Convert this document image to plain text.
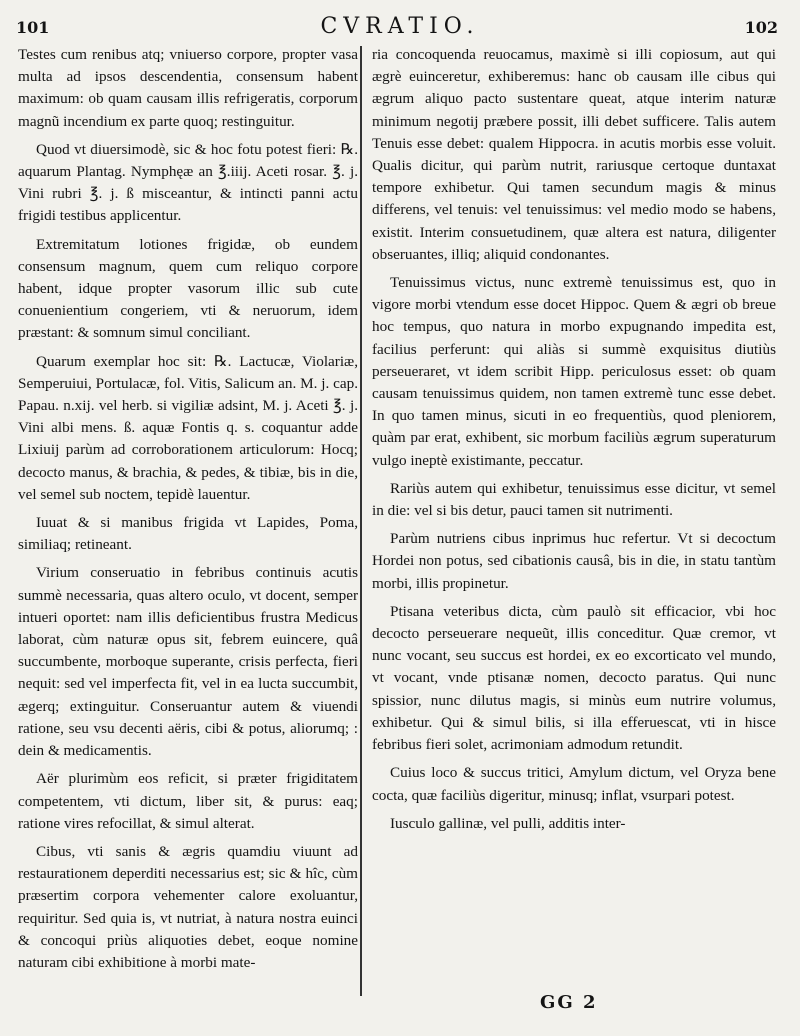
101	CVRATIO.	102

Testes cum renibus atq; vniuerso corpore, propter vasa multa ad ipsos descendentia, consensum habent maximum: ob quam causam illis refrigeratis, corporum magnũ incendium ex parte quoq; restinguitur.

Quod vt diuersimodè, sic & hoc fotu potest fieri: ℞. aquarum Plantag. Nymphęæ an ℥.iiij. Aceti rosar. ℥. j. Vini rubri ℥. j. ß misceantur, & intincti panni actu frigidi testibus applicentur.

Extremitatum lotiones frigidæ, ob eundem consensum magnum, quem cum reliquo corpore habent, idque propter vasorum illic sub cute conuenientium congeriem, vti & neruorum, idem præstant: & somnum simul conciliant.

Quarum exemplar hoc sit: ℞. Lactucæ, Violariæ, Semperuiui, Portulacæ, fol. Vitis, Salicum an. M. j. cap. Papau. n.xij. vel herb. si vigiliæ adsint, M. j. Aceti ℥. j. Vini albi mens. ß. aquæ Fontis q. s. coquantur adde Lixiuij parùm ad corroborationem articulorum: Hocq; decocto manus, & brachia, & pedes, & tibiæ, bis in die, vel semel sub noctem, tepidè lauentur.

Iuuat & si manibus frigida vt Lapides, Poma, similiaq; retineant.

Virium conseruatio in febribus continuis acutis summè necessaria, quas altero oculo, vt docent, semper intueri oportet: nam illis deficientibus frustra Medicus laborat, cùm naturæ opus sit, febrem euincere, quâ succumbente, morboque superante, crisis perfecta, fieri nequit: sed vel imperfecta fit, vel in ea lucta succumbit, ægerq; extinguitur. Conseruantur autem & viuendi ratione, seu vsu decenti aëris, cibi & potus, aliorumq; : dein & medicamentis.

Aër plurimùm eos reficit, si præter frigiditatem competentem, vti dictum, liber sit, & purus: eaq; ratione vires refocillat, & simul alterat.

Cibus, vti sanis & ægris quamdiu viuunt ad restaurationem deperditi necessarius est; sic & hîc, cùm præsertim corpora vehementer calore exoluantur, requiritur. Sed quia is, vt nutriat, à natura nostra euinci & concoqui priùs aliquoties debet, eoque nomine naturam cibi exhibitione à morbi mate-

ria concoquenda reuocamus, maximè si illi copiosum, aut qui ægrè euinceretur, exhiberemus: hanc ob causam ille cibus qui ægrum aliquo pacto sustentare queat, atque interim naturæ minimum negotij præbere possit, illi debet sufficere. Talis autem Tenuis esse debet: qualem Hippocra. in acutis morbis esse voluit. Qualis dicitur, qui parùm nutrit, rariusque certoque duntaxat tempore exhibetur. Qui tamen secundum magis & minus differens, vel tenuis: vel tenuissimus: vel medio modo se habens, existit. Interim consuetudinem, quæ altera est natura, diligenter obseruantes, illiq; aliquid condonantes.

Tenuissimus victus, nunc extremè tenuissimus est, quo in vigore morbi vtendum esse docet Hippoc. Quem & ægri ob breue hoc tempus, quo natura in morbo expugnando impedita est, facilius perferunt: qui aliàs si summè exquisitus diutiùs perseueraret, vt idem scribit Hipp. periculosus esset: ob quam causam tenuissimus quidem, non tamen extremè tunc esse debet. In quo tamen minus, sicuti in eo frequentiùs, quod pleniorem, quàm par erat, exhibent, sic morbum faciliùs ægrum superaturum vulgo ineptè existimante, peccatur.

Rariùs autem qui exhibetur, tenuissimus esse dicitur, vt semel in die: vel si bis detur, pauci tamen sit nutrimenti.

Parùm nutriens cibus inprimus huc refertur. Vt si decoctum Hordei non potus, sed cibationis causâ, bis in die, in statu tantùm morbi, illis propinetur.

Ptisana veteribus dicta, cùm paulò sit efficacior, vbi hoc decocto perseuerare nequeũt, illis conceditur. Quæ cremor, vt nunc vocant, seu succus est hordei, ex eo excorticato vel mundo, vt vocant, vnde ptisanæ nomen, decocto paratus. Qui nunc spissior, nunc dilutus magis, si minùs eum nutrire volumus, exhibetur. Qui & simul bilis, si illa efferuescat, vti in hisce febribus fieri solet, acrimoniam admodum retundit.

Cuius loco & succus tritici, Amylum dictum, vel Oryza bene cocta, quæ faciliùs digeritur, minusq; inflat, vsurpari potest.

Iusculo gallinæ, vel pulli, additis inter-

GG 2
